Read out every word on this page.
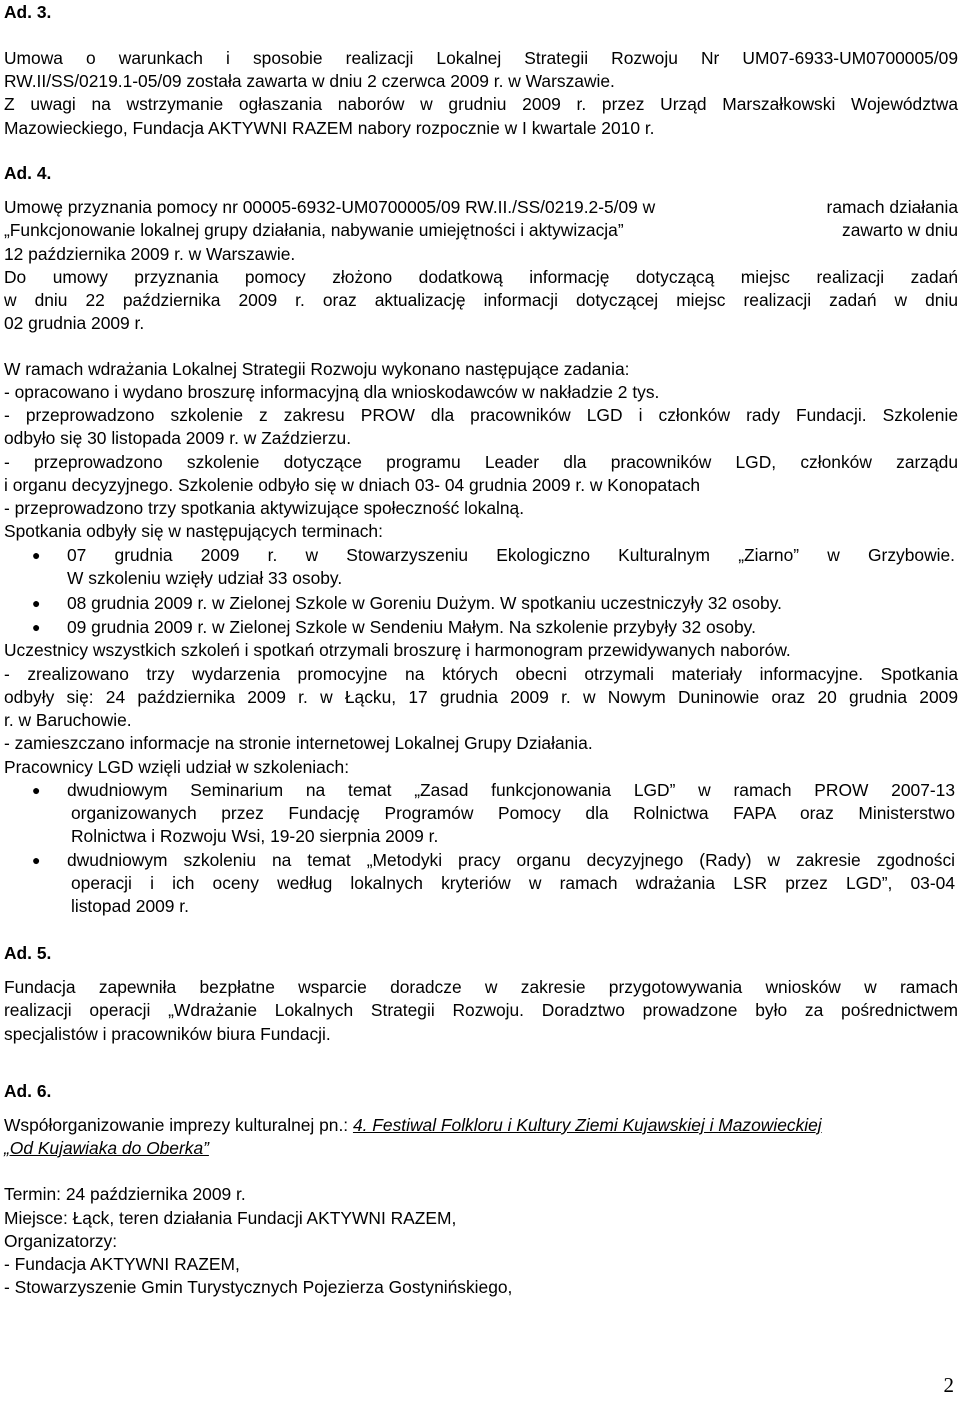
Ad. 3.
Umowa o warunkach i sposobie realizacji Lokalnej Strategii Rozwoju Nr UM07-6933-UM0700005/09
RW.II/SS/0219.1-05/09 została zawarta w dniu 2 czerwca 2009 r. w Warszawie.
Z uwagi na wstrzymanie ogłaszania naborów w grudniu 2009 r. przez Urząd Marszałkowski Województwa
Mazowieckiego, Fundacja AKTYWNI RAZEM nabory rozpocznie w I kwartale 2010 r.
Ad. 4.
Umowę przyznania pomocy nr 00005-6932-UM0700005/09 RW.II./SS/0219.2-5/09 w	ramach działania
„Funkcjonowanie lokalnej grupy działania, nabywanie umiejętności i aktywizacja”	zawarto w dniu
12 października 2009 r. w Warszawie.
Do umowy przyznania pomocy złożono dodatkową informację dotyczącą miejsc realizacji zadań
w dniu 22 października 2009 r. oraz aktualizację informacji dotyczącej miejsc realizacji zadań w dniu
02 grudnia 2009 r.
W ramach wdrażania Lokalnej Strategii Rozwoju wykonano następujące zadania:
- opracowano i wydano broszurę informacyjną dla wnioskodawców w nakładzie 2 tys.
- przeprowadzono szkolenie z zakresu PROW dla pracowników LGD i członków rady Fundacji. Szkolenie
odbyło się 30 listopada 2009 r. w Zaździerzu.
- przeprowadzono szkolenie dotyczące programu Leader dla pracowników LGD, członków zarządu
i organu decyzyjnego. Szkolenie odbyło się w dniach 03- 04 grudnia 2009 r. w Konopatach
- przeprowadzono trzy spotkania aktywizujące społeczność lokalną.
Spotkania odbyły się w następujących terminach:
● 07 grudnia 2009 r. w Stowarzyszeniu Ekologiczno Kulturalnym „Ziarno” w Grzybowie.
W szkoleniu wzięły udział 33 osoby.
● 08 grudnia 2009 r. w Zielonej Szkole w Goreniu Dużym. W spotkaniu uczestniczyły 32 osoby.
● 09 grudnia 2009 r. w Zielonej Szkole w Sendeniu Małym. Na szkolenie przybyły 32 osoby.
Uczestnicy wszystkich szkoleń i spotkań otrzymali broszurę i harmonogram przewidywanych naborów.
- zrealizowano trzy wydarzenia promocyjne na których obecni otrzymali materiały informacyjne. Spotkania
odbyły się: 24 października 2009 r. w Łącku, 17 grudnia 2009 r. w Nowym Duninowie oraz 20 grudnia 2009
r. w Baruchowie.
- zamieszczano informacje na stronie internetowej Lokalnej Grupy Działania.
Pracownicy LGD wzięli udział w szkoleniach:
● dwudniowym Seminarium na temat „Zasad funkcjonowania LGD” w ramach PROW 2007-13
organizowanych przez Fundację Programów Pomocy dla Rolnictwa FAPA oraz Ministerstwo
Rolnictwa i Rozwoju Wsi, 19-20 sierpnia 2009 r.
● dwudniowym szkoleniu na temat „Metodyki pracy organu decyzyjnego (Rady) w zakresie zgodności
operacji i ich oceny według lokalnych kryteriów w ramach wdrażania LSR przez LGD”, 03-04
listopad 2009 r.
Ad. 5.
Fundacja zapewniła bezpłatne wsparcie doradcze w zakresie przygotowywania wniosków w ramach
realizacji operacji „Wdrażanie Lokalnych Strategii Rozwoju. Doradztwo prowadzone było za pośrednictwem
specjalistów i pracowników biura Fundacji.
Ad. 6.
Współorganizowanie imprezy kulturalnej pn.: 4. Festiwal Folkloru i Kultury Ziemi Kujawskiej i Mazowieckiej
„Od Kujawiaka do Oberka”
Termin: 24 października 2009 r.
Miejsce: Łąck, teren działania Fundacji AKTYWNI RAZEM,
Organizatorzy:
- Fundacja AKTYWNI RAZEM,
- Stowarzyszenie Gmin Turystycznych Pojezierza Gostynińskiego,
2
